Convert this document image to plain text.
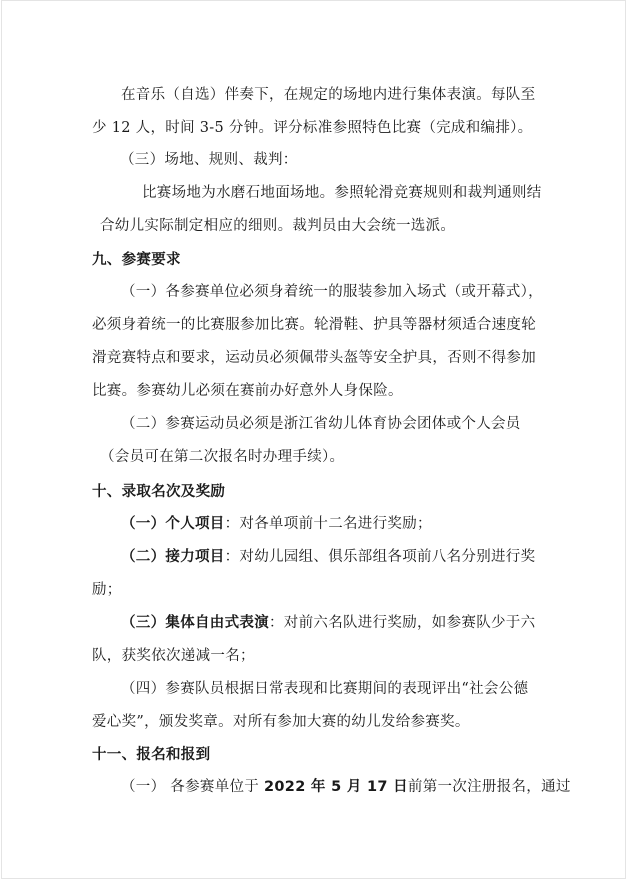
在音乐（自选）伴奏下，在规定的场地内进行集体表演。每队至
少 12 人，时间 3-5 分钟。评分标准参照特色比赛（完成和编排）。
（三）场地、规则、裁判：
比赛场地为水磨石地面场地。参照轮滑竞赛规则和裁判通则结
合幼儿实际制定相应的细则。裁判员由大会统一选派。
九、参赛要求
（一）各参赛单位必须身着统一的服装参加入场式（或开幕式），
必须身着统一的比赛服参加比赛。轮滑鞋、护具等器材须适合速度轮
滑竞赛特点和要求，运动员必须佩带头盔等安全护具，否则不得参加
比赛。参赛幼儿必须在赛前办好意外人身保险。
（二）参赛运动员必须是浙江省幼儿体育协会团体或个人会员
（会员可在第二次报名时办理手续）。
十、录取名次及奖励
（一）个人项目：对各单项前十二名进行奖励；
（二）接力项目：对幼儿园组、俱乐部组各项前八名分别进行奖
励；
（三）集体自由式表演：对前六名队进行奖励，如参赛队少于六
队，获奖依次递减一名；
（四）参赛队员根据日常表现和比赛期间的表现评出“社会公德
爱心奖”，颁发奖章。对所有参加大赛的幼儿发给参赛奖。
十一、报名和报到
（一） 各参赛单位于 2022 年 5 月 17 日前第一次注册报名，通过
